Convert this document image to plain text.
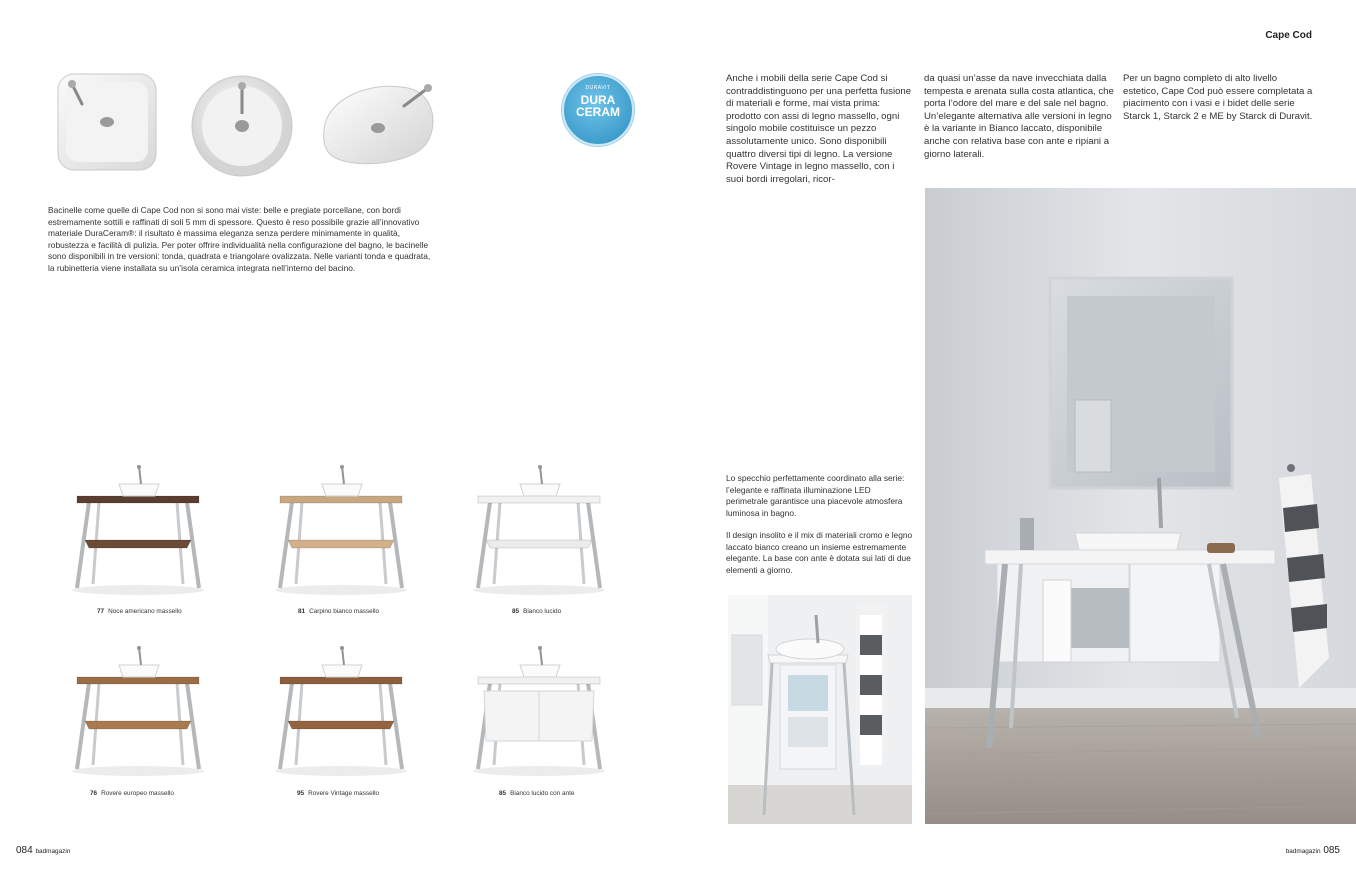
Cape Cod
DURAVIT
DURA
CERAM
Bacinelle come quelle di Cape Cod non si sono mai viste: belle e pregiate porcellane, con bordi estremamente sottili e raffinati di soli 5 mm di spessore. Questo è reso possibile grazie all’innovativo materiale DuraCeram®: il risultato è massima eleganza senza perdere minimamente in qualità, robustezza e facilità di pulizia. Per poter offrire individualità nella configurazione del bagno, le bacinelle sono disponibili in tre versioni: tonda, quadrata e triangolare ovalizzata. Nelle varianti tonda e quadrata, la rubinetteria viene installata su un’isola ceramica integrata nell’interno del bacino.
Anche i mobili della serie Cape Cod si contraddistinguono per una perfetta fusione di materiali e forme, mai vista prima: prodotto con assi di legno massello, ogni singolo mobile costituisce un pezzo assolutamente unico. Sono disponibili quattro diversi tipi di legno. La versione Rovere Vintage in legno massello, con i suoi bordi irregolari, ricor-
da quasi un’asse da nave invecchiata dalla tempesta e arenata sulla costa atlantica, che porta l’odore del mare e del sale nel bagno. Un’elegante alternativa alle versioni in legno è la variante in Bianco laccato, disponibile anche con relativa base con ante e ripiani a giorno laterali.
Per un bagno completo di alto livello estetico, Cape Cod può essere completata a piacimento con i vasi e i bidet delle serie Starck 1, Starck 2 e ME by Starck di Duravit.
Lo specchio perfettamente coordinato alla serie: l’elegante e raffinata illuminazione LED perimetrale garantisce una piacevole atmosfera luminosa in bagno.
Il design insolito e il mix di materiali cromo e legno laccato bianco creano un insieme estremamente elegante. La base con ante è dotata sui lati di due elementi a giorno.
77 Noce americano massello	81 Carpino bianco massello	85 Bianco lucido
76 Rovere europeo massello	95 Rovere Vintage massello	85 Bianco lucido con ante
084 badmagazin	badmagazin 085
